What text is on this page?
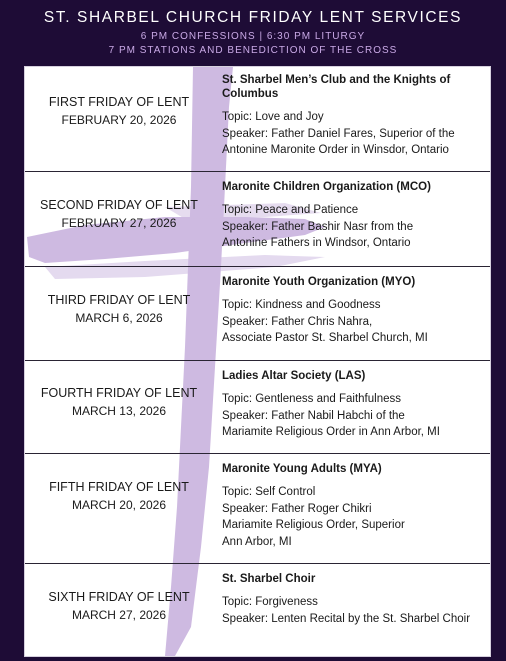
ST. SHARBEL CHURCH FRIDAY LENT SERVICES
6 PM CONFESSIONS | 6:30 PM LITURGY
7 PM STATIONS AND BENEDICTION OF THE CROSS
FIRST FRIDAY OF LENT
FEBRUARY 20, 2026
St. Sharbel Men’s Club and the Knights of Columbus
Topic: Love and Joy
Speaker: Father Daniel Fares, Superior of the
Antonine Maronite Order in Winsdor, Ontario
SECOND FRIDAY OF LENT
FEBRUARY 27, 2026
Maronite Children Organization (MCO)
Topic: Peace and Patience
Speaker: Father Bashir Nasr from the
Antonine Fathers in Windsor, Ontario
THIRD FRIDAY OF LENT
MARCH 6, 2026
Maronite Youth Organization (MYO)
Topic: Kindness and Goodness
Speaker: Father Chris Nahra,
Associate Pastor St. Sharbel Church, MI
FOURTH FRIDAY OF LENT
MARCH 13, 2026
Ladies Altar Society (LAS)
Topic: Gentleness and Faithfulness
Speaker: Father Nabil Habchi of the
Mariamite Religious Order in Ann Arbor, MI
FIFTH FRIDAY OF LENT
MARCH 20, 2026
Maronite Young Adults (MYA)
Topic: Self Control
Speaker: Father Roger Chikri
Mariamite Religious Order, Superior
Ann Arbor, MI
SIXTH FRIDAY OF LENT
MARCH 27, 2026
St. Sharbel Choir
Topic: Forgiveness
Speaker: Lenten Recital by the St. Sharbel Choir
